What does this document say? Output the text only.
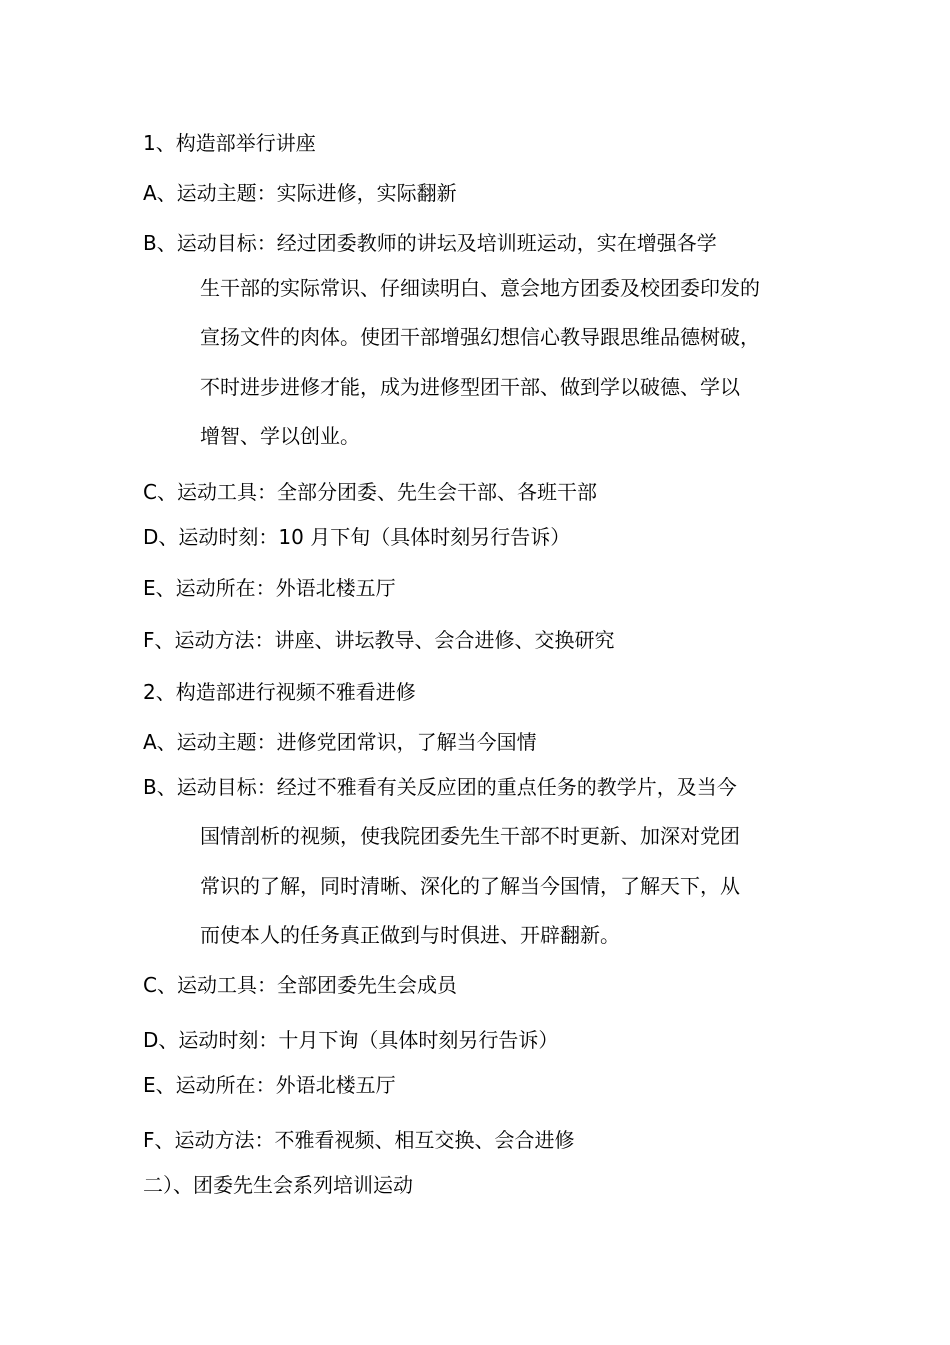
1、构造部举行讲座
A、运动主题：实际进修，实际翻新
B、运动目标：经过团委教师的讲坛及培训班运动，实在增强各学
生干部的实际常识、仔细读明白、意会地方团委及校团委印发的
宣扬文件的肉体。使团干部增强幻想信心教导跟思维品德树破，
不时进步进修才能，成为进修型团干部、做到学以破德、学以
增智、学以创业。
C、运动工具：全部分团委、先生会干部、各班干部
D、运动时刻：10 月下旬（具体时刻另行告诉）
E、运动所在：外语北楼五厅
F、运动方法：讲座、讲坛教导、会合进修、交换研究
2、构造部进行视频不雅看进修
A、运动主题：进修党团常识，了解当今国情
B、运动目标：经过不雅看有关反应团的重点任务的教学片，及当今
国情剖析的视频，使我院团委先生干部不时更新、加深对党团
常识的了解，同时清晰、深化的了解当今国情，了解天下，从
而使本人的任务真正做到与时俱进、开辟翻新。
C、运动工具：全部团委先生会成员
D、运动时刻：十月下询（具体时刻另行告诉）
E、运动所在：外语北楼五厅
F、运动方法：不雅看视频、相互交换、会合进修
二）、团委先生会系列培训运动
